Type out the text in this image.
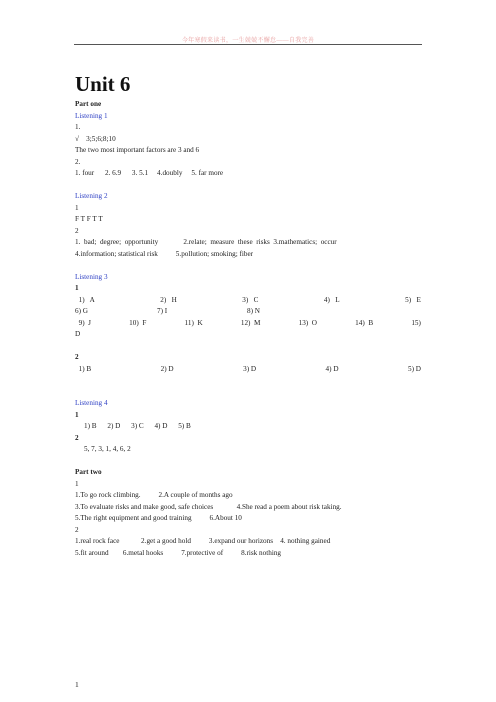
今年寒假来读书，一生兢兢不懈怠——自我完善
Unit 6
Part one
Listening 1
1.
√    3;5;6;8;10
The two most important factors are 3 and 6
2.
1. four      2. 6.9      3. 5.1     4.doubly     5. far more
Listening 2
1
F T F T T
2
1.  bad;  degree;  opportunity              2.relate;  measure  these  risks  3.mathematics;  occur
4.information; statistical risk          5.pollution; smoking; fiber
Listening 3
1
1)   A	2)   H	3)   C	4)   L	5)   E
6) G	7) I	8) N
9)  J	10)  F	11)  K	12)  M	13)  O	14)  B	15)
D
2
1) B	2) D	3) D	4) D	5) D
Listening 4
1
1) B      2) D      3) C      4) D      5) B
2
5, 7, 3, 1, 4, 6, 2
Part two
1
1.To go rock climbing.          2.A couple of months ago
3.To evaluate risks and make good, safe choices             4.She read a poem about risk taking.
5.The right equipment and good training          6.About 10
2
1.real rock face            2.get a good hold          3.expand our horizons    4. nothing gained
5.fit around        6.metal hooks          7.protective of          8.risk nothing
1
